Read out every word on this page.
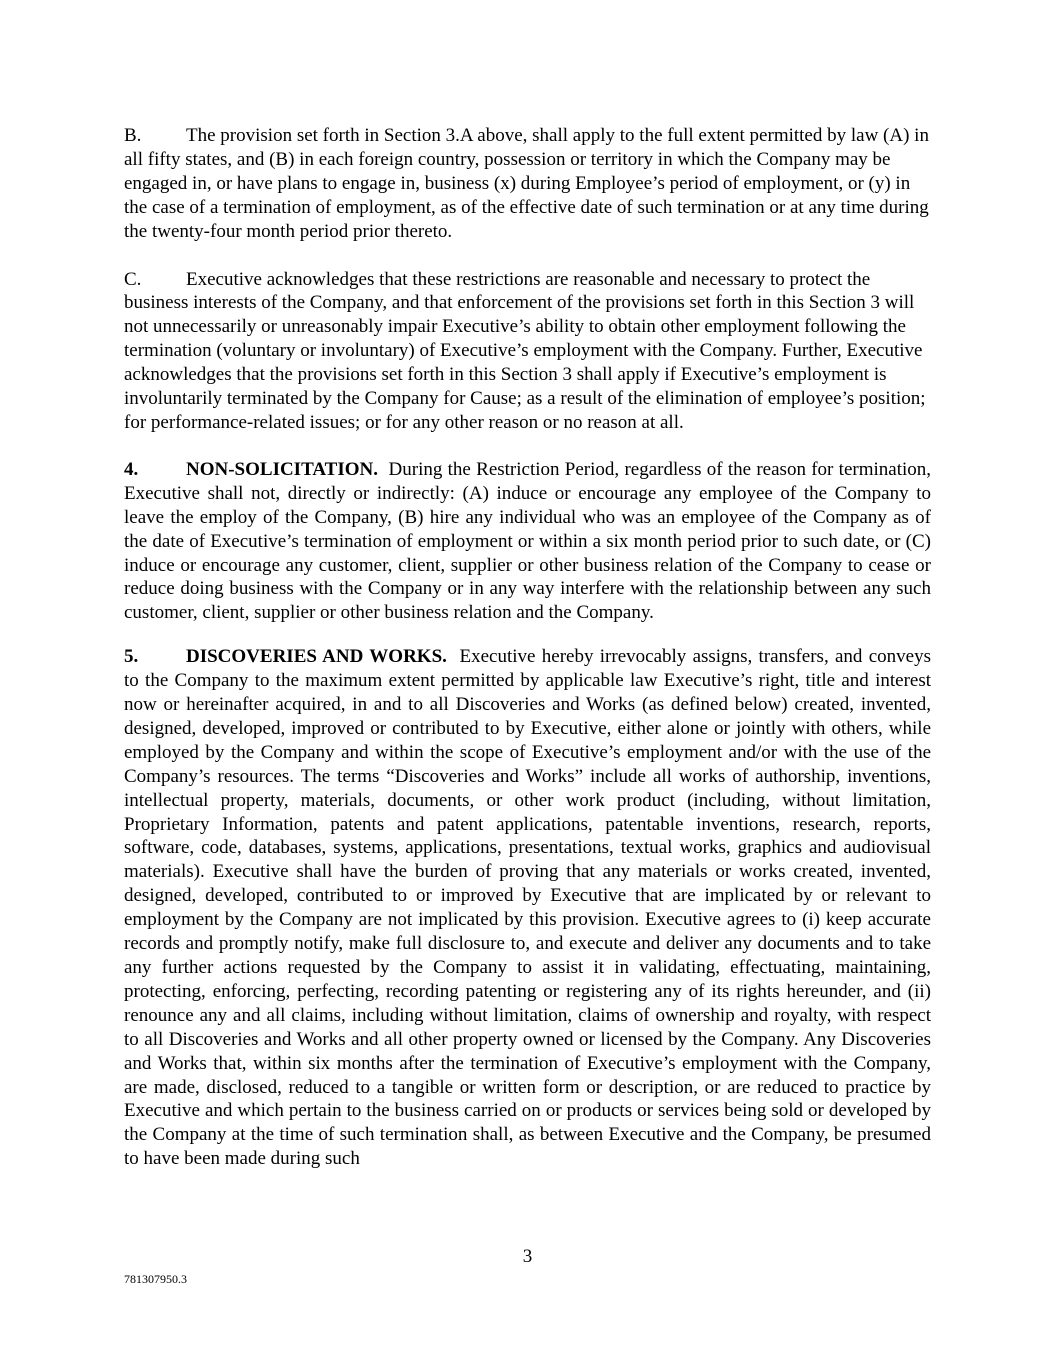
B. The provision set forth in Section 3.A above, shall apply to the full extent permitted by law (A) in all fifty states, and (B) in each foreign country, possession or territory in which the Company may be engaged in, or have plans to engage in, business (x) during Employee’s period of employment, or (y) in the case of a termination of employment, as of the effective date of such termination or at any time during the twenty-four month period prior thereto.

C. Executive acknowledges that these restrictions are reasonable and necessary to protect the business interests of the Company, and that enforcement of the provisions set forth in this Section 3 will not unnecessarily or unreasonably impair Executive’s ability to obtain other employment following the termination (voluntary or involuntary) of Executive’s employment with the Company. Further, Executive acknowledges that the provisions set forth in this Section 3 shall apply if Executive’s employment is involuntarily terminated by the Company for Cause; as a result of the elimination of employee’s position; for performance-related issues; or for any other reason or no reason at all.

4.	NON-SOLICITATION. During the Restriction Period, regardless of the reason for termination, Executive shall not, directly or indirectly: (A) induce or encourage any employee of the Company to leave the employ of the Company, (B) hire any individual who was an employee of the Company as of the date of Executive’s termination of employment or within a six month period prior to such date, or (C) induce or encourage any customer, client, supplier or other business relation of the Company to cease or reduce doing business with the Company or in any way interfere with the relationship between any such customer, client, supplier or other business relation and the Company.

5.	DISCOVERIES AND WORKS. Executive hereby irrevocably assigns, transfers, and conveys to the Company to the maximum extent permitted by applicable law Executive’s right, title and interest now or hereinafter acquired, in and to all Discoveries and Works (as defined below) created, invented, designed, developed, improved or contributed to by Executive, either alone or jointly with others, while employed by the Company and within the scope of Executive’s employment and/or with the use of the Company’s resources. The terms “Discoveries and Works” include all works of authorship, inventions, intellectual property, materials, documents, or other work product (including, without limitation, Proprietary Information, patents and patent applications, patentable inventions, research, reports, software, code, databases, systems, applications, presentations, textual works, graphics and audiovisual materials). Executive shall have the burden of proving that any materials or works created, invented, designed, developed, contributed to or improved by Executive that are implicated by or relevant to employment by the Company are not implicated by this provision. Executive agrees to (i) keep accurate records and promptly notify, make full disclosure to, and execute and deliver any documents and to take any further actions requested by the Company to assist it in validating, effectuating, maintaining, protecting, enforcing, perfecting, recording patenting or registering any of its rights hereunder, and (ii) renounce any and all claims, including without limitation, claims of ownership and royalty, with respect to all Discoveries and Works and all other property owned or licensed by the Company. Any Discoveries and Works that, within six months after the termination of Executive’s employment with the Company, are made, disclosed, reduced to a tangible or written form or description, or are reduced to practice by Executive and which pertain to the business carried on or products or services being sold or developed by the Company at the time of such termination shall, as between Executive and the Company, be presumed to have been made during such

3
781307950.3
